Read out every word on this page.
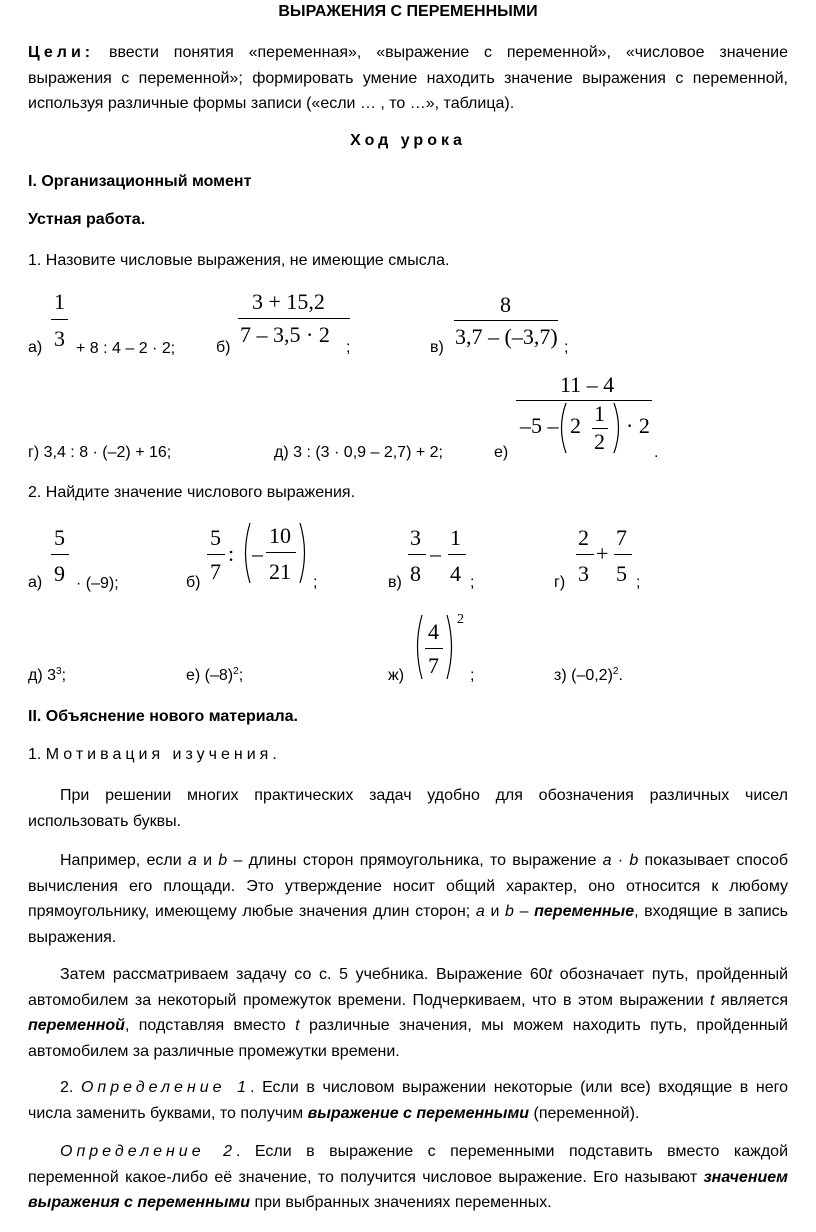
ВЫРАЖЕНИЯ С ПЕРЕМЕННЫМИ
Цели: ввести понятия «переменная», «выражение с переменной», «числовое значение выражения с переменной»; формировать умение находить значение выражения с переменной, используя различные формы записи («если … , то …», таблица).
Ход урока
I. Организационный момент
Устная работа.
1. Назовите числовые выражения, не имеющие смысла.
а)
1
3 + 8 : 4 – 2 · 2;	б)
3 + 15,2
7 – 3,5 · 2
;	в)
8
3,7 – (–3,7) ;
г) 3,4 : 8 · (–2) + 16;	д) 3 : (3 · 0,9 – 2,7) + 2;	е)
11 – 4
–5 – 2 1
2
· 2
.
2. Найдите значение числового выражения.
а)
5
9 · (–9);	б)
5
7
: –
10
21 ;	в)
3
8
–
1
4 ;	г)
2
3
+
7
5 ;
д) $3^3$;	е) $(-8)^2$;	ж)
4
7
2
;	з) $(-0,2)^2$.
II. Объяснение нового материала.
1. Мотивация изучения.
При решении многих практических задач удобно для обозначения различных чисел использовать буквы.
Например, если a и b – длины сторон прямоугольника, то выражение a · b показывает способ вычисления его площади. Это утверждение носит общий характер, оно относится к любому прямоугольнику, имеющему любые значения длин сторон; a и b – переменные, входящие в запись выражения.
Затем рассматриваем задачу со с. 5 учебника. Выражение 60t обозначает путь, пройденный автомобилем за некоторый промежуток времени. Подчеркиваем, что в этом выражении t является переменной, подставляя вместо t различные значения, мы можем находить путь, пройденный автомобилем за различные промежутки времени.
2. Определение 1. Если в числовом выражении некоторые (или все) входящие в него числа заменить буквами, то получим выражение с переменными (переменной).
Определение 2. Если в выражение с переменными подставить вместо каждой переменной какое-либо её значение, то получится числовое выражение. Его называют значением выражения с переменными при выбранных значениях переменных.
